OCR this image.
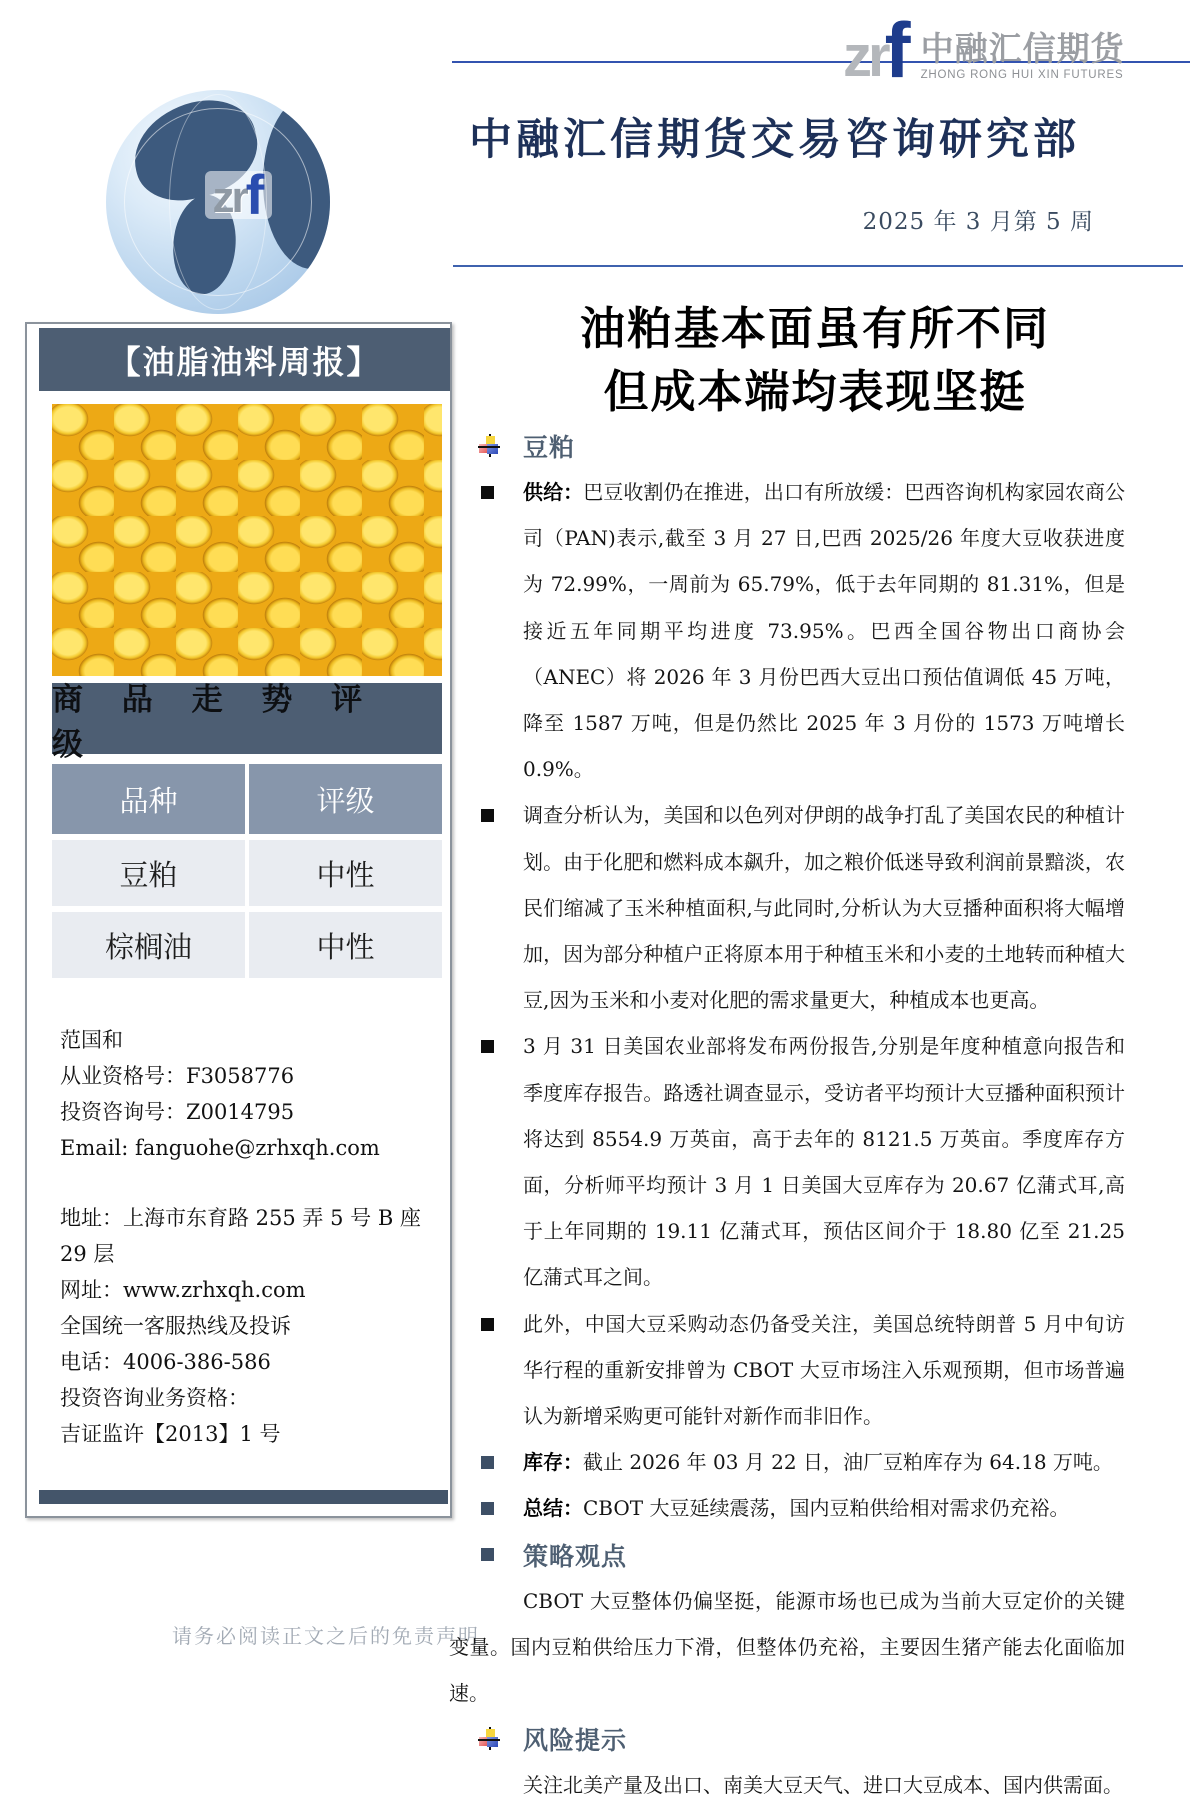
zr
f 中融汇信期货
ZHONG RONG HUI XIN FUTURES
中融汇信期货交易咨询研究部
2025 年 3 月第 5 周
zr f
【油脂油料周报】
商 品 走 势 评 级
品种	评级
豆粕	中性
棕榈油	中性
范国和
从业资格号：F3058776
投资咨询号：Z0014795
Email: fanguohe@zrhxqh.com
地址：上海市东育路 255 弄 5 号 B 座 29 层
网址：www.zrhxqh.com
全国统一客服热线及投诉
电话：4006-386-586
投资咨询业务资格：
吉证监许【2013】1 号
请务必阅读正文之后的免责声明
油粕基本面虽有所不同
但成本端均表现坚挺
豆粕
供给：巴豆收割仍在推进，出口有所放缓：巴西咨询机构家园农商公司（PAN)表示,截至 3 月 27 日,巴西 2025/26 年度大豆收获进度为 72.99%，一周前为 65.79%，低于去年同期的 81.31%，但是接近五年同期平均进度 73.95%。巴西全国谷物出口商协会（ANEC）将 2026 年 3 月份巴西大豆出口预估值调低 45 万吨，降至 1587 万吨，但是仍然比 2025 年 3 月份的 1573 万吨增长 0.9%。
调查分析认为，美国和以色列对伊朗的战争打乱了美国农民的种植计划。由于化肥和燃料成本飙升，加之粮价低迷导致利润前景黯淡，农民们缩减了玉米种植面积,与此同时,分析认为大豆播种面积将大幅增加，因为部分种植户正将原本用于种植玉米和小麦的土地转而种植大豆,因为玉米和小麦对化肥的需求量更大，种植成本也更高。
3 月 31 日美国农业部将发布两份报告,分别是年度种植意向报告和季度库存报告。路透社调查显示，受访者平均预计大豆播种面积预计将达到 8554.9 万英亩，高于去年的 8121.5 万英亩。季度库存方面，分析师平均预计 3 月 1 日美国大豆库存为 20.67 亿蒲式耳,高于上年同期的 19.11 亿蒲式耳，预估区间介于 18.80 亿至 21.25 亿蒲式耳之间。
此外，中国大豆采购动态仍备受关注，美国总统特朗普 5 月中旬访华行程的重新安排曾为 CBOT 大豆市场注入乐观预期，但市场普遍认为新增采购更可能针对新作而非旧作。
库存：截止 2026 年 03 月 22 日，油厂豆粕库存为 64.18 万吨。
总结：CBOT 大豆延续震荡，国内豆粕供给相对需求仍充裕。
策略观点
CBOT 大豆整体仍偏坚挺，能源市场也已成为当前大豆定价的关键变量。国内豆粕供给压力下滑，但整体仍充裕，主要因生猪产能去化面临加速。
风险提示
关注北美产量及出口、南美大豆天气、进口大豆成本、国内供需面。
